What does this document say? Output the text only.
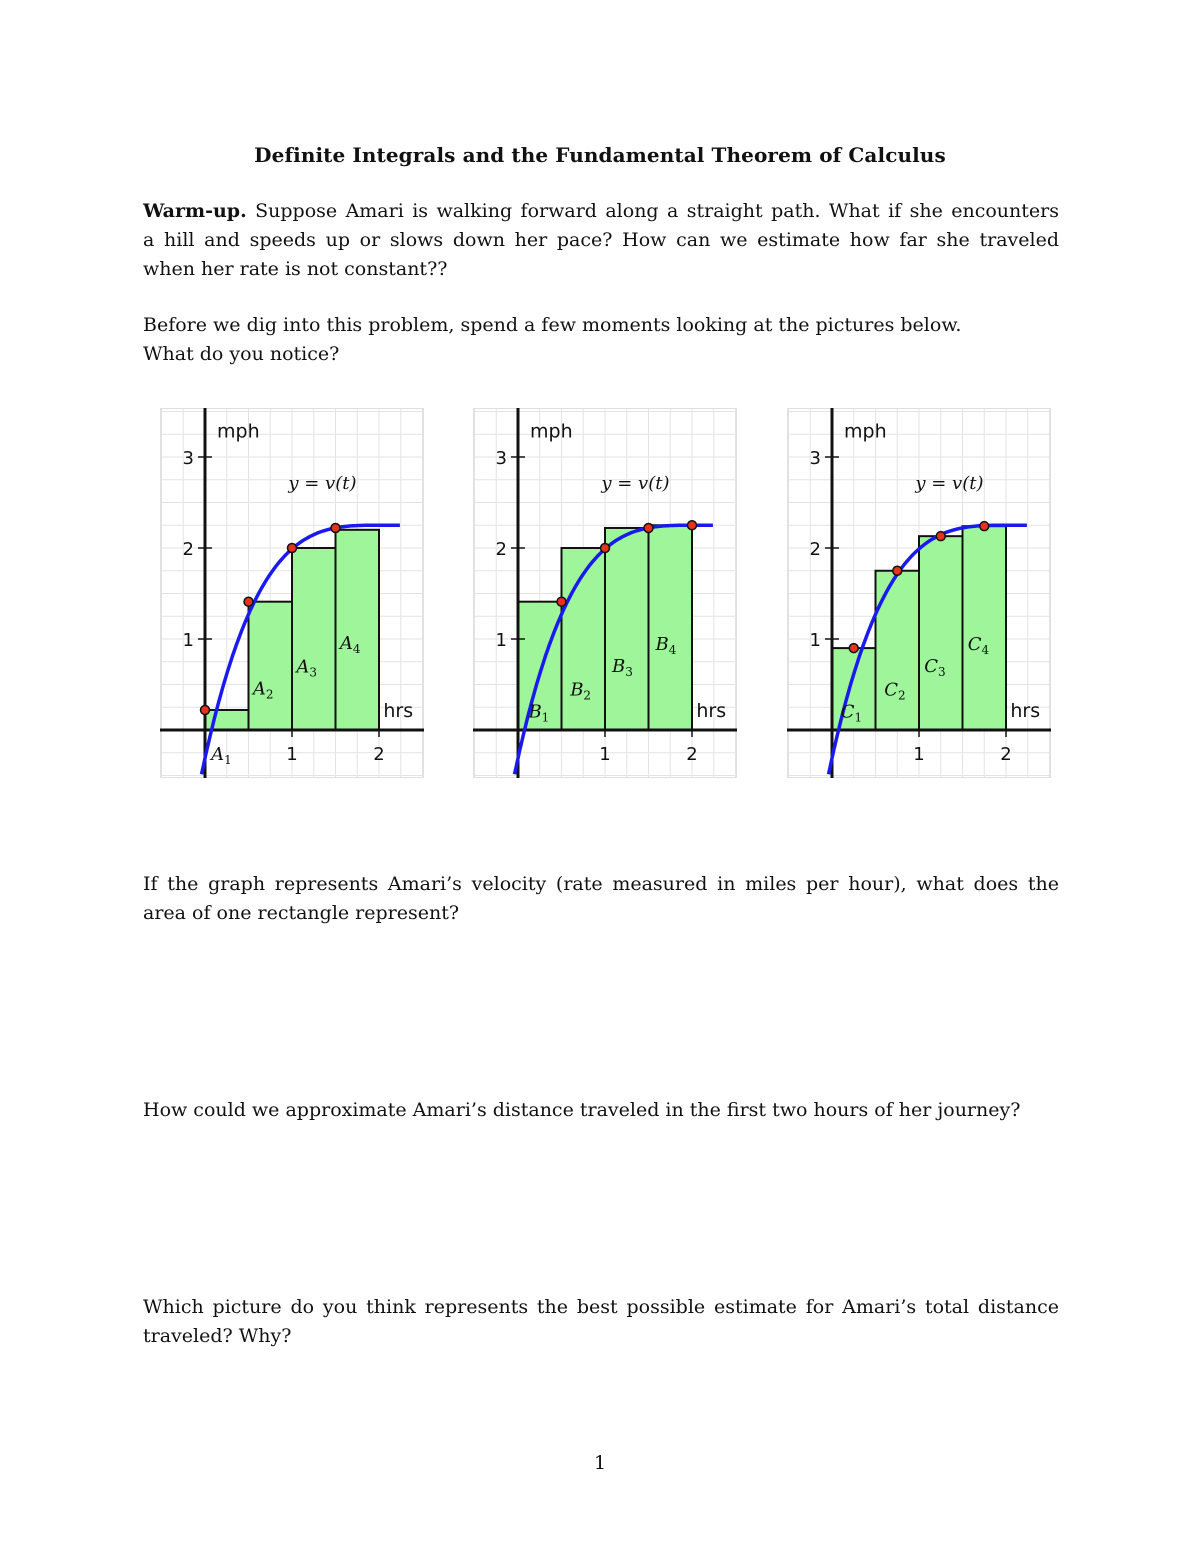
Definite Integrals and the Fundamental Theorem of Calculus
Warm-up. Suppose Amari is walking forward along a straight path. What if she encounters
a hill and speeds up or slows down her pace? How can we estimate how far she traveled
when her rate is not constant??
Before we dig into this problem, spend a few moments looking at the pictures below.
What do you notice?
1	2
1
2
3
mph
hrs
y = v(t)
$A_1$
$A_2$
$A_3$
$A_4$
1	2
1
2
3
mph
hrs
y = v(t)
$B_1$
$B_2$
$B_3$
$B_4$
1	2
1
2
3
mph
hrs
y = v(t)
$C_1$
$C_2$
$C_3$
$C_4$
If the graph represents Amari’s velocity (rate measured in miles per hour), what does the
area of one rectangle represent?
How could we approximate Amari’s distance traveled in the first two hours of her journey?
Which picture do you think represents the best possible estimate for Amari’s total distance
traveled? Why?
1
